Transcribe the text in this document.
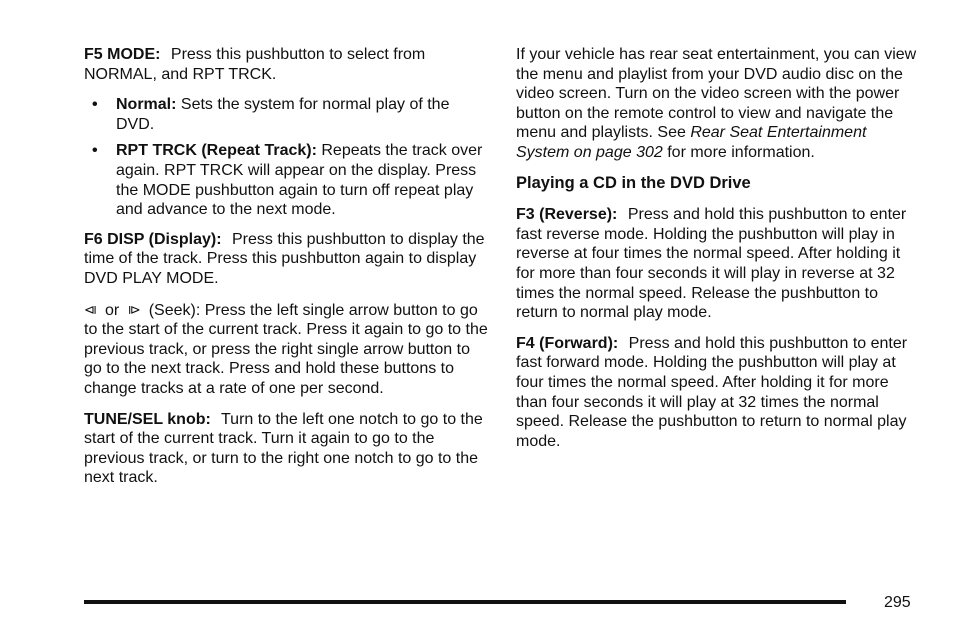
F5 MODE: Press this pushbutton to select from NORMAL, and RPT TRCK.

• Normal: Sets the system for normal play of the DVD.
• RPT TRCK (Repeat Track): Repeats the track over again. RPT TRCK will appear on the display. Press the MODE pushbutton again to turn off repeat play and advance to the next mode.

F6 DISP (Display): Press this pushbutton to display the time of the track. Press this pushbutton again to display DVD PLAY MODE.

⧏ or ⧐ (Seek): Press the left single arrow button to go to the start of the current track. Press it again to go to the previous track, or press the right single arrow button to go to the next track. Press and hold these buttons to change tracks at a rate of one per second.

TUNE/SEL knob: Turn to the left one notch to go to the start of the current track. Turn it again to go to the previous track, or turn to the right one notch to go to the next track.

If your vehicle has rear seat entertainment, you can view the menu and playlist from your DVD audio disc on the video screen. Turn on the video screen with the power button on the remote control to view and navigate the menu and playlists. See Rear Seat Entertainment System on page 302 for more information.

Playing a CD in the DVD Drive

F3 (Reverse): Press and hold this pushbutton to enter fast reverse mode. Holding the pushbutton will play in reverse at four times the normal speed. After holding it for more than four seconds it will play in reverse at 32 times the normal speed. Release the pushbutton to return to normal play mode.

F4 (Forward): Press and hold this pushbutton to enter fast forward mode. Holding the pushbutton will play at four times the normal speed. After holding it for more than four seconds it will play at 32 times the normal speed. Release the pushbutton to return to normal play mode.

295
